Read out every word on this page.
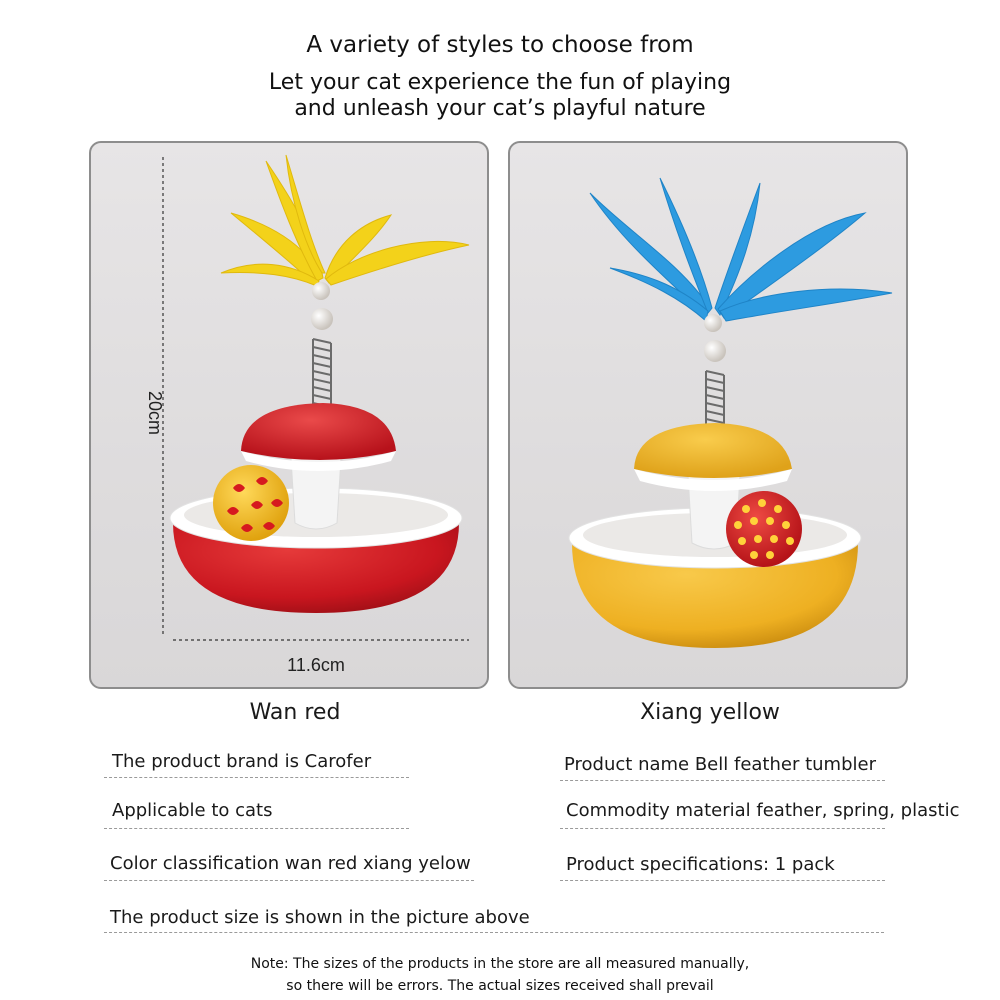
A variety of styles to choose from
Let your cat experience the fun of playing
and unleash your cat’s playful nature
20cm
11.6cm
Wan red	Xiang yellow
The product brand is Carofer	Product name Bell feather tumbler
Applicable to cats	Commodity material feather, spring, plastic
Color classification wan red xiang yelow	Product specifications: 1 pack
The product size is shown in the picture above
Note: The sizes of the products in the store are all measured manually,
so there will be errors. The actual sizes received shall prevail
